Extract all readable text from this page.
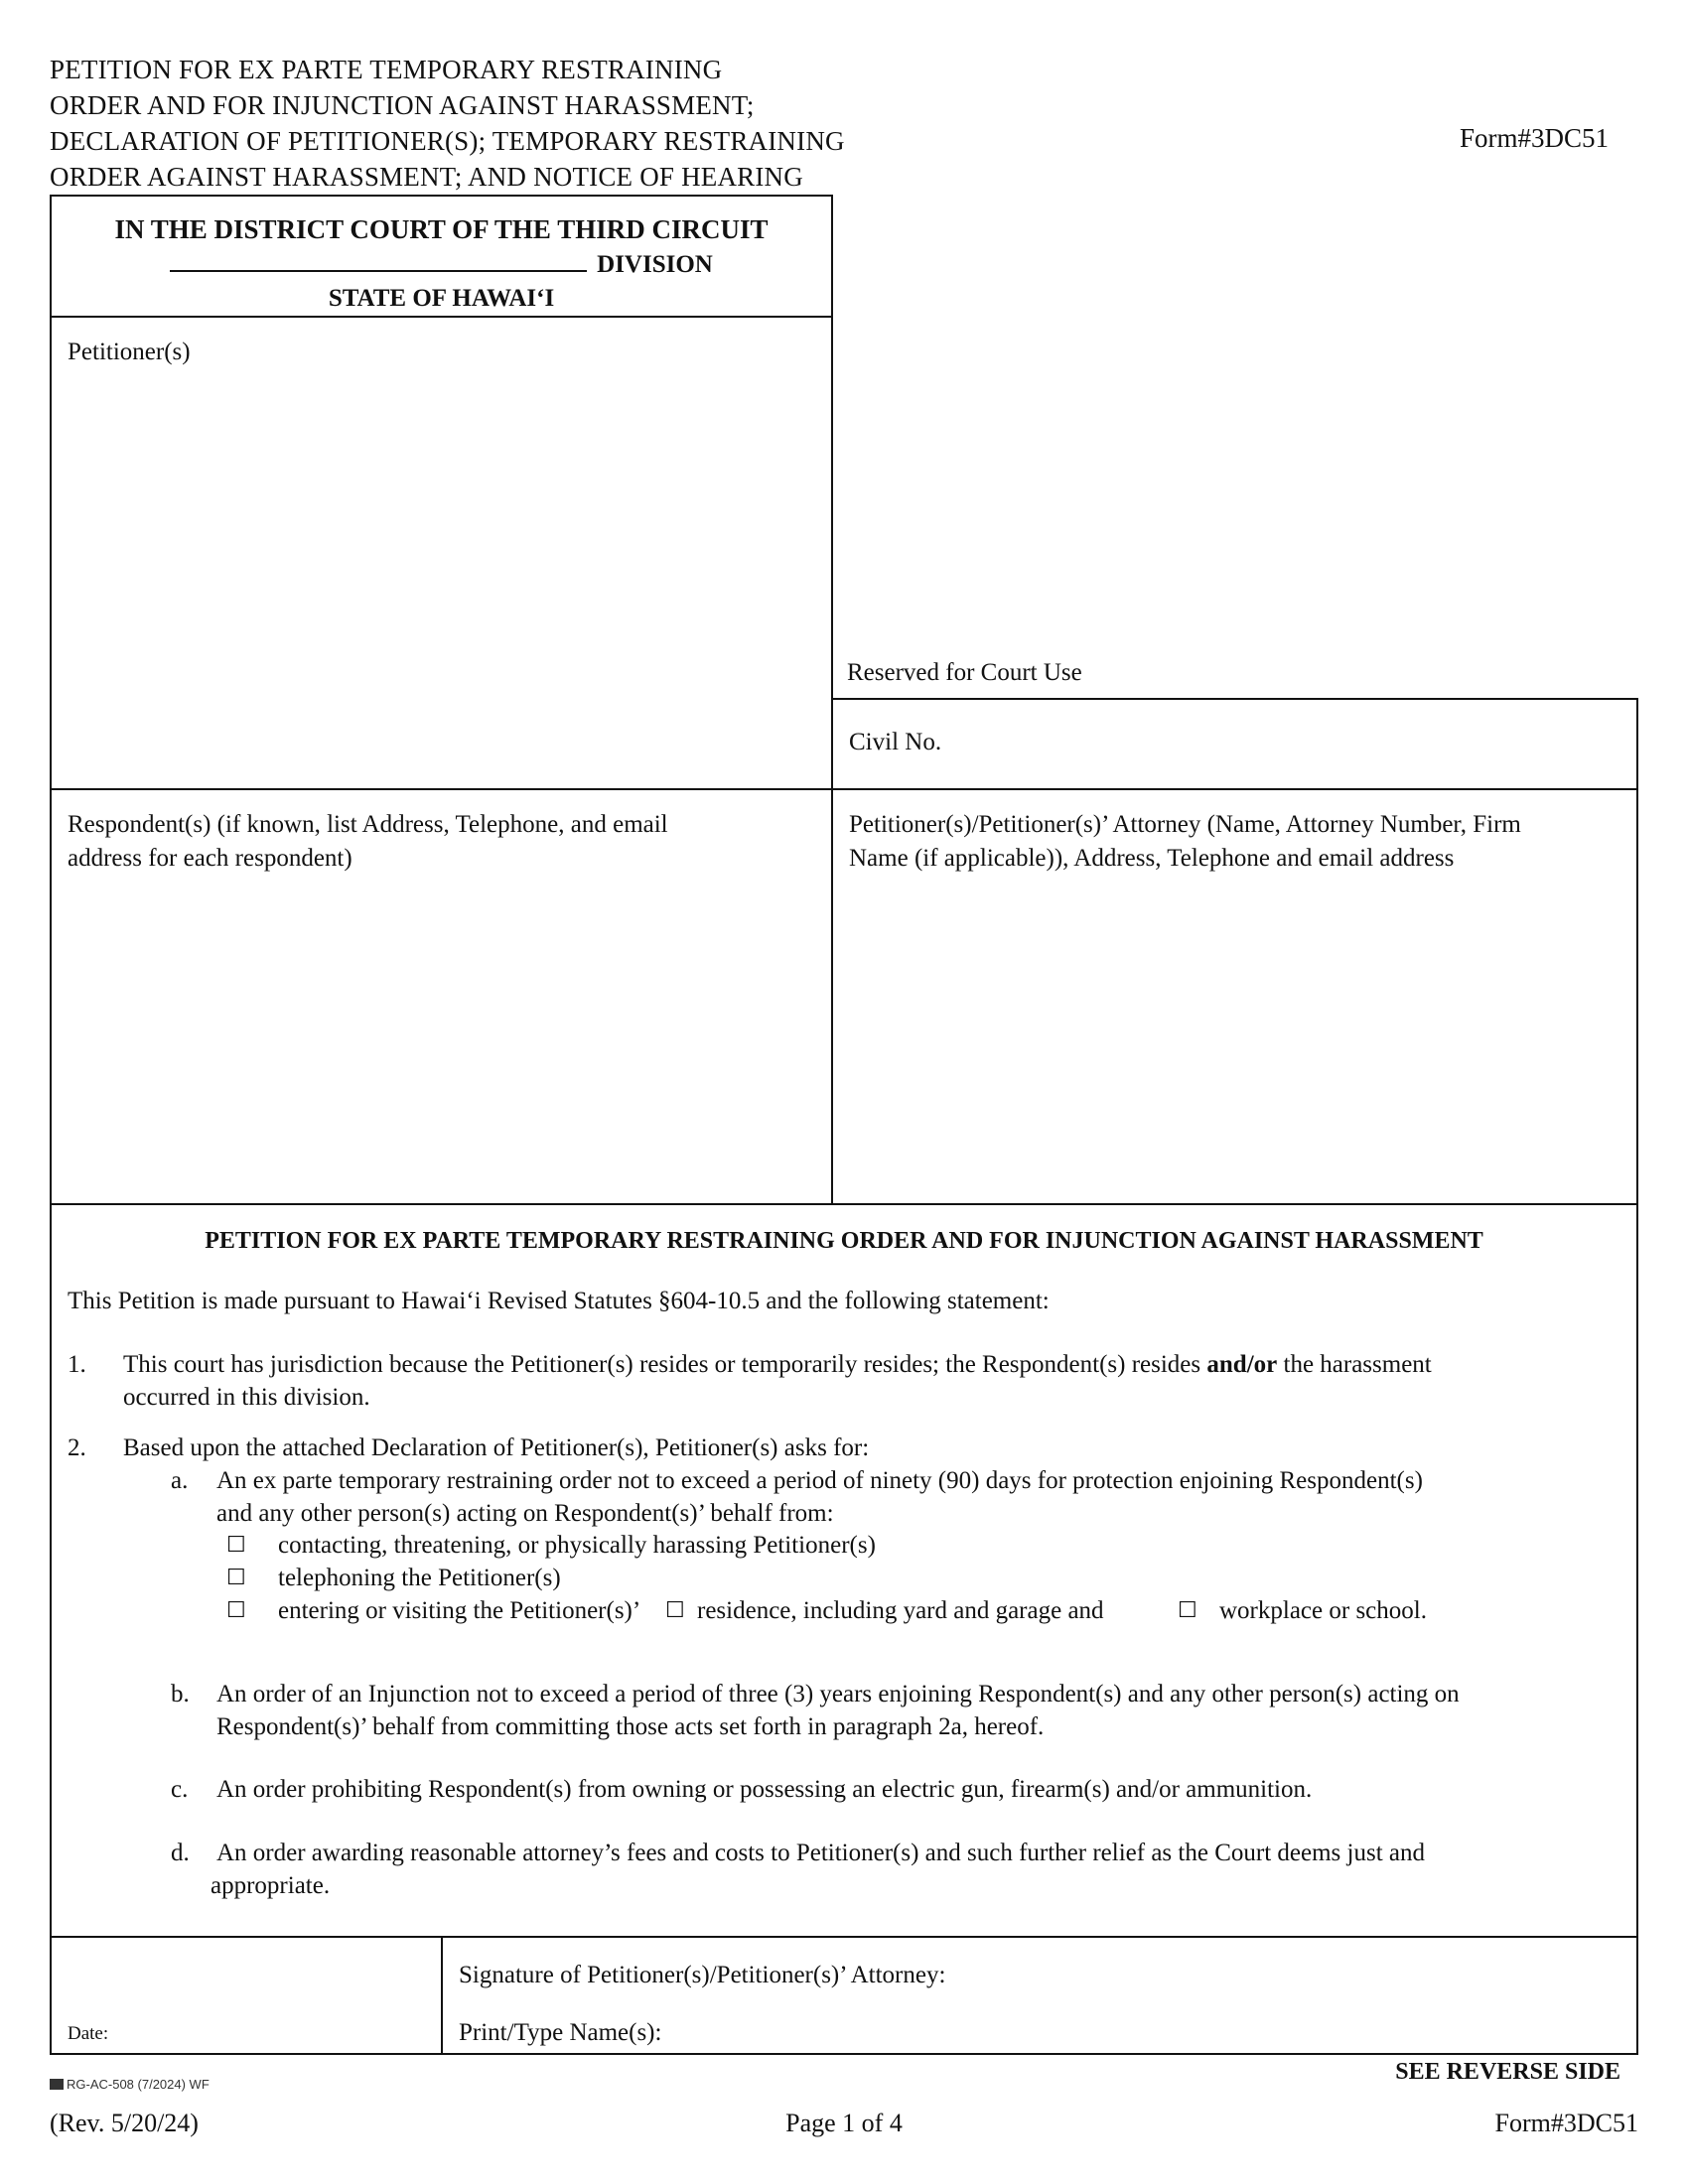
PETITION FOR EX PARTE TEMPORARY RESTRAINING
ORDER AND FOR INJUNCTION AGAINST HARASSMENT;
DECLARATION OF PETITIONER(S); TEMPORARY RESTRAINING
ORDER AGAINST HARASSMENT; AND NOTICE OF HEARING
Form#3DC51
IN THE DISTRICT COURT OF THE THIRD CIRCUIT
DIVISION
STATE OF HAWAI‘I
Petitioner(s)
Reserved for Court Use
Civil No.
Respondent(s) (if known, list Address, Telephone, and email
address for each respondent)
Petitioner(s)/Petitioner(s)’ Attorney (Name, Attorney Number, Firm
Name (if applicable)), Address, Telephone and email address
PETITION FOR EX PARTE TEMPORARY RESTRAINING ORDER AND FOR INJUNCTION AGAINST HARASSMENT
This Petition is made pursuant to Hawai‘i Revised Statutes §604-10.5 and the following statement:
1. This court has jurisdiction because the Petitioner(s) resides or temporarily resides; the Respondent(s) resides and/or the harassment
occurred in this division.
2. Based upon the attached Declaration of Petitioner(s), Petitioner(s) asks for:
a. An ex parte temporary restraining order not to exceed a period of ninety (90) days for protection enjoining Respondent(s)
and any other person(s) acting on Respondent(s)’ behalf from:
☐ contacting, threatening, or physically harassing Petitioner(s)
☐ telephoning the Petitioner(s)
☐ entering or visiting the Petitioner(s)’ ☐ residence, including yard and garage and	☐ workplace or school.
b. An order of an Injunction not to exceed a period of three (3) years enjoining Respondent(s) and any other person(s) acting on
Respondent(s)’ behalf from committing those acts set forth in paragraph 2a, hereof.
c. An order prohibiting Respondent(s) from owning or possessing an electric gun, firearm(s) and/or ammunition.
d. An order awarding reasonable attorney’s fees and costs to Petitioner(s) and such further relief as the Court deems just and
appropriate.
Date:
Signature of Petitioner(s)/Petitioner(s)’ Attorney:
Print/Type Name(s):
SEE REVERSE SIDE
RG-AC-508 (7/2024) WF
(Rev. 5/20/24)	Page 1 of 4	Form#3DC51
